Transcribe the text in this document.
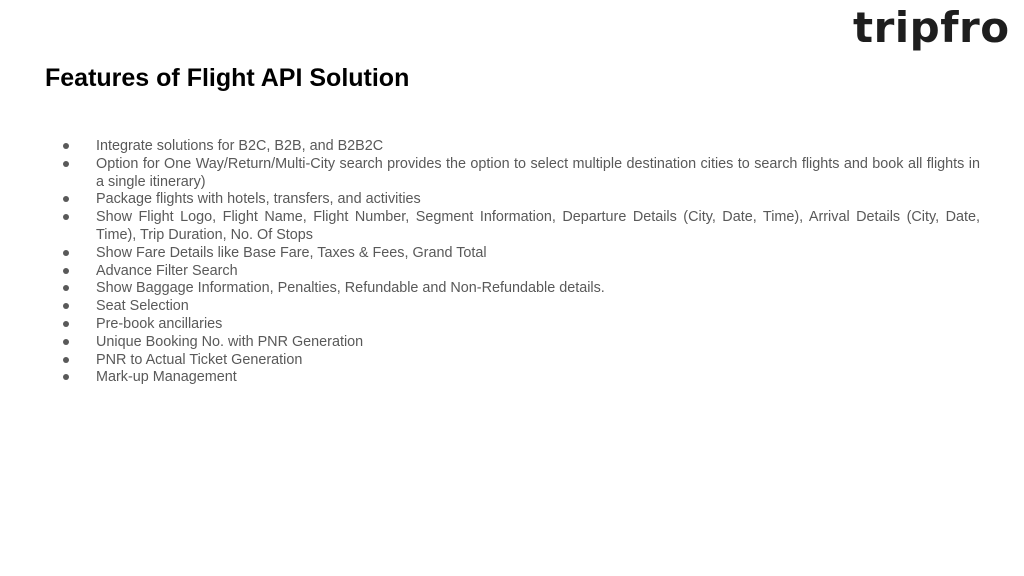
tripfro
Features of Flight API Solution
Integrate solutions for B2C, B2B, and B2B2C
Option for One Way/Return/Multi-City search provides the option to select multiple destination cities to search flights and book all flights in a single itinerary)
Package flights with hotels, transfers, and activities
Show Flight Logo, Flight Name, Flight Number, Segment Information, Departure Details (City, Date, Time), Arrival Details (City, Date, Time), Trip Duration, No. Of Stops
Show Fare Details like Base Fare, Taxes & Fees, Grand Total
Advance Filter Search
Show Baggage Information, Penalties, Refundable and Non-Refundable details.
Seat Selection
Pre-book ancillaries
Unique Booking No. with PNR Generation
PNR to Actual Ticket Generation
Mark-up Management
